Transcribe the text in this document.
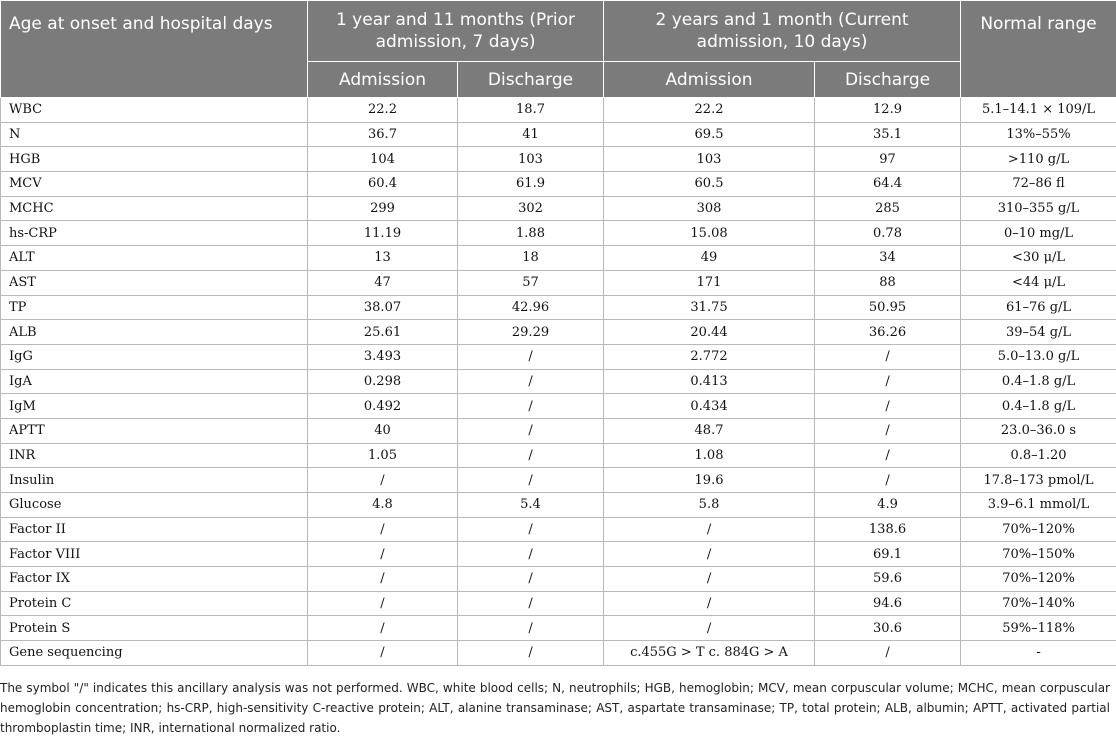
Age at onset and hospital days	1 year and 11 months (Prior admission, 7 days)		2 years and 1 month (Current admission, 10 days)		Normal range
	Admission	Discharge	Admission	Discharge	
WBC	22.2	18.7	22.2	12.9	5.1–14.1 × 109/L
N	36.7	41	69.5	35.1	13%–55%
HGB	104	103	103	97	>110 g/L
MCV	60.4	61.9	60.5	64.4	72–86 fl
MCHC	299	302	308	285	310–355 g/L
hs-CRP	11.19	1.88	15.08	0.78	0–10 mg/L
ALT	13	18	49	34	<30 μ/L
AST	47	57	171	88	<44 μ/L
TP	38.07	42.96	31.75	50.95	61–76 g/L
ALB	25.61	29.29	20.44	36.26	39–54 g/L
IgG	3.493	/	2.772	/	5.0–13.0 g/L
IgA	0.298	/	0.413	/	0.4–1.8 g/L
IgM	0.492	/	0.434	/	0.4–1.8 g/L
APTT	40	/	48.7	/	23.0–36.0 s
INR	1.05	/	1.08	/	0.8–1.20
Insulin	/	/	19.6	/	17.8–173 pmol/L
Glucose	4.8	5.4	5.8	4.9	3.9–6.1 mmol/L
Factor II	/	/	/	138.6	70%–120%
Factor VIII	/	/	/	69.1	70%–150%
Factor IX	/	/	/	59.6	70%–120%
Protein C	/	/	/	94.6	70%–140%
Protein S	/	/	/	30.6	59%–118%
Gene sequencing	/	/	c.455G > T c. 884G > A	/	-
The symbol "/" indicates this ancillary analysis was not performed. WBC, white blood cells; N, neutrophils; HGB, hemoglobin; MCV, mean corpuscular volume; MCHC, mean corpuscular hemoglobin concentration; hs-CRP, high-sensitivity C-reactive protein; ALT, alanine transaminase; AST, aspartate transaminase; TP, total protein; ALB, albumin; APTT, activated partial thromboplastin time; INR, international normalized ratio.
